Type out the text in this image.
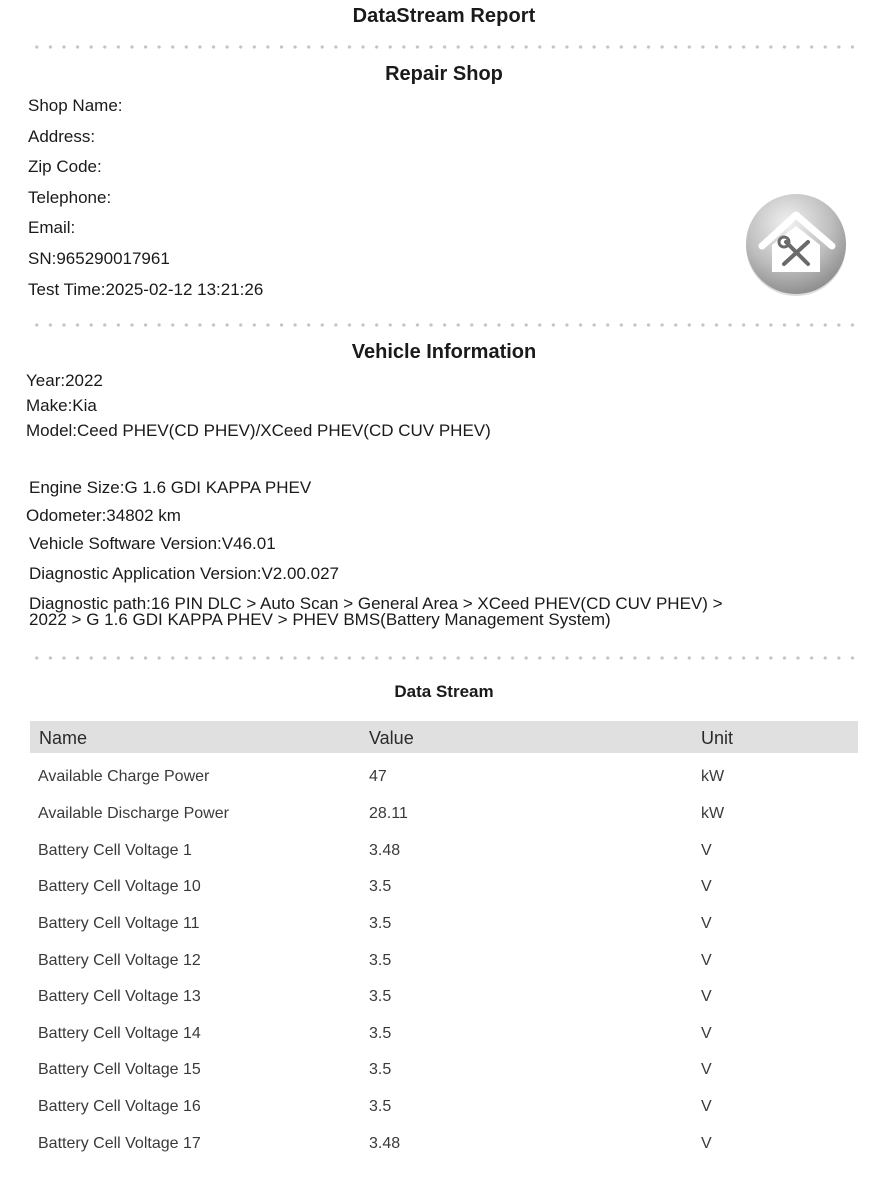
DataStream Report
Repair Shop
Shop Name:
Address:
Zip Code:
Telephone:
Email:
SN:965290017961
Test Time:2025-02-12 13:21:26
Vehicle Information
Year:2022
Make:Kia
Model:Ceed PHEV(CD PHEV)/XCeed PHEV(CD CUV PHEV)
Engine Size:G 1.6 GDI KAPPA PHEV
Odometer:34802 km
Vehicle Software Version:V46.01
Diagnostic Application Version:V2.00.027
Diagnostic path:16 PIN DLC > Auto Scan > General Area > XCeed PHEV(CD CUV PHEV) > 2022 > G 1.6 GDI KAPPA PHEV > PHEV BMS(Battery Management System)
Data Stream
Name	Value	Unit
Available Charge Power	47	kW
Available Discharge Power	28.11	kW
Battery Cell Voltage 1	3.48	V
Battery Cell Voltage 10	3.5	V
Battery Cell Voltage 11	3.5	V
Battery Cell Voltage 12	3.5	V
Battery Cell Voltage 13	3.5	V
Battery Cell Voltage 14	3.5	V
Battery Cell Voltage 15	3.5	V
Battery Cell Voltage 16	3.5	V
Battery Cell Voltage 17	3.48	V
